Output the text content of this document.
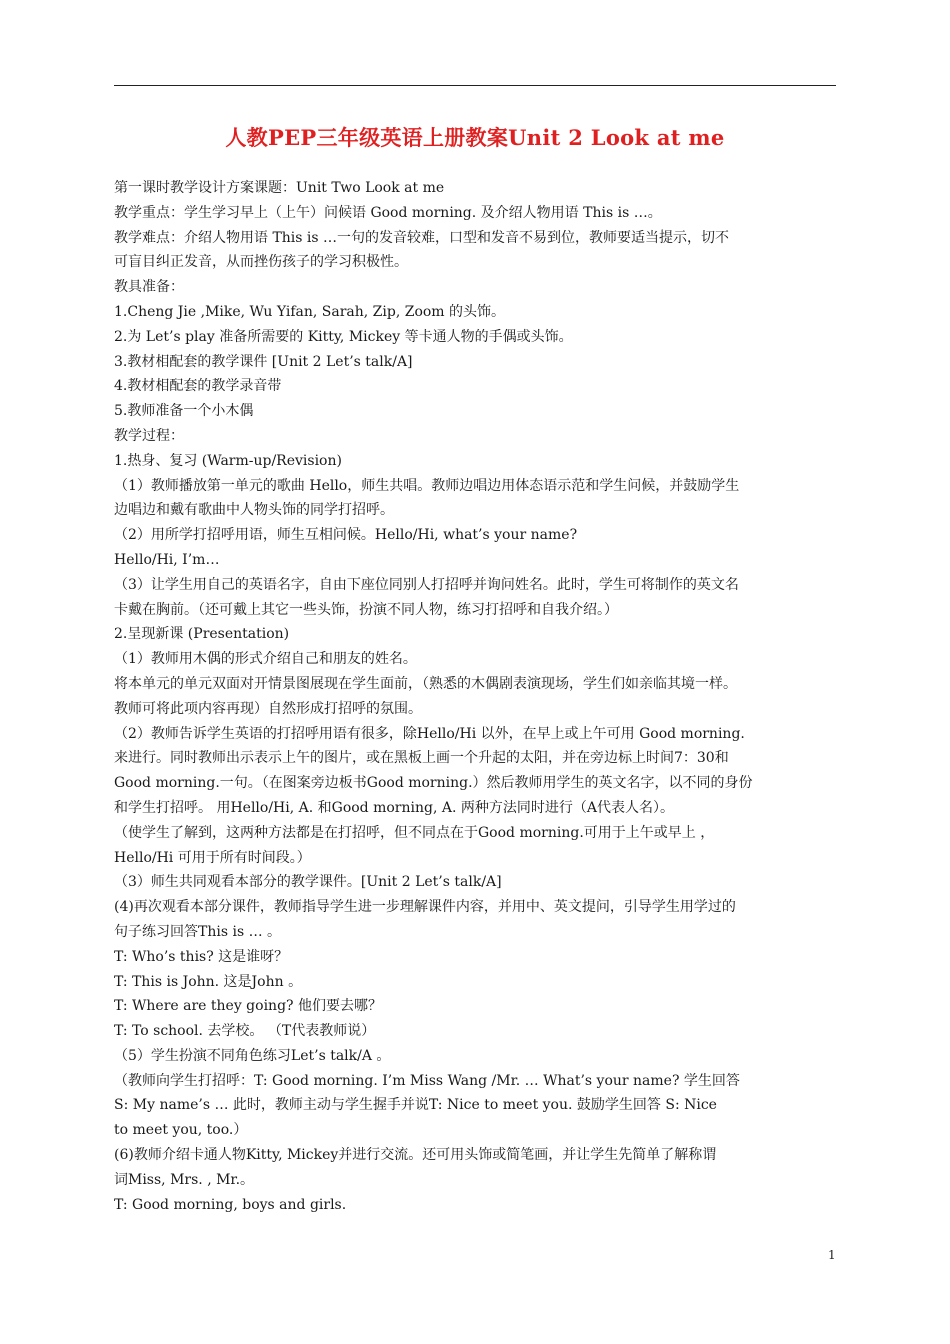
人教PEP三年级英语上册教案Unit 2 Look at me
第一课时教学设计方案课题：Unit Two Look at me
教学重点：学生学习早上（上午）问候语 Good morning. 及介绍人物用语 This is …。
教学难点：介绍人物用语 This is …一句的发音较难，口型和发音不易到位，教师要适当提示，切不
可盲目纠正发音，从而挫伤孩子的学习积极性。
教具准备：
1.Cheng Jie ,Mike, Wu Yifan, Sarah, Zip, Zoom 的头饰。
2.为 Let’s play 准备所需要的 Kitty, Mickey 等卡通人物的手偶或头饰。
3.教材相配套的教学课件 [Unit 2 Let’s talk/A]
4.教材相配套的教学录音带
5.教师准备一个小木偶
教学过程：
1.热身、复习 (Warm-up/Revision)
（1）教师播放第一单元的歌曲 Hello，师生共唱。教师边唱边用体态语示范和学生问候，并鼓励学生
边唱边和戴有歌曲中人物头饰的同学打招呼。
（2）用所学打招呼用语，师生互相问候。Hello/Hi, what’s your name?
Hello/Hi, I’m…
（3）让学生用自己的英语名字，自由下座位同别人打招呼并询问姓名。此时，学生可将制作的英文名
卡戴在胸前。（还可戴上其它一些头饰，扮演不同人物，练习打招呼和自我介绍。）
2.呈现新课 (Presentation)
（1）教师用木偶的形式介绍自己和朋友的姓名。
将本单元的单元双面对开情景图展现在学生面前，（熟悉的木偶剧表演现场，学生们如亲临其境一样。
教师可将此项内容再现）自然形成打招呼的氛围。
（2）教师告诉学生英语的打招呼用语有很多，除Hello/Hi 以外，在早上或上午可用 Good morning.
来进行。同时教师出示表示上午的图片，或在黑板上画一个升起的太阳，并在旁边标上时间7：30和
Good morning.一句。（在图案旁边板书Good morning.）然后教师用学生的英文名字，以不同的身份
和学生打招呼。 用Hello/Hi, A. 和Good morning, A. 两种方法同时进行（A代表人名）。
（使学生了解到，这两种方法都是在打招呼，但不同点在于Good morning.可用于上午或早上 ，
Hello/Hi 可用于所有时间段。）
（3）师生共同观看本部分的教学课件。[Unit 2 Let’s talk/A]
(4)再次观看本部分课件，教师指导学生进一步理解课件内容，并用中、英文提问，引导学生用学过的
句子练习回答This is … 。
T: Who’s this? 这是谁呀？
T: This is John. 这是John 。
T: Where are they going? 他们要去哪？
T: To school. 去学校。 （T代表教师说）
（5）学生扮演不同角色练习Let’s talk/A 。
（教师向学生打招呼：T: Good morning. I’m Miss Wang /Mr. … What’s your name? 学生回答
S: My name’s … 此时，教师主动与学生握手并说T: Nice to meet you. 鼓励学生回答 S: Nice
to meet you, too.）
(6)教师介绍卡通人物Kitty, Mickey并进行交流。还可用头饰或简笔画，并让学生先简单了解称谓
词Miss, Mrs. , Mr.。
T: Good morning, boys and girls.
1
